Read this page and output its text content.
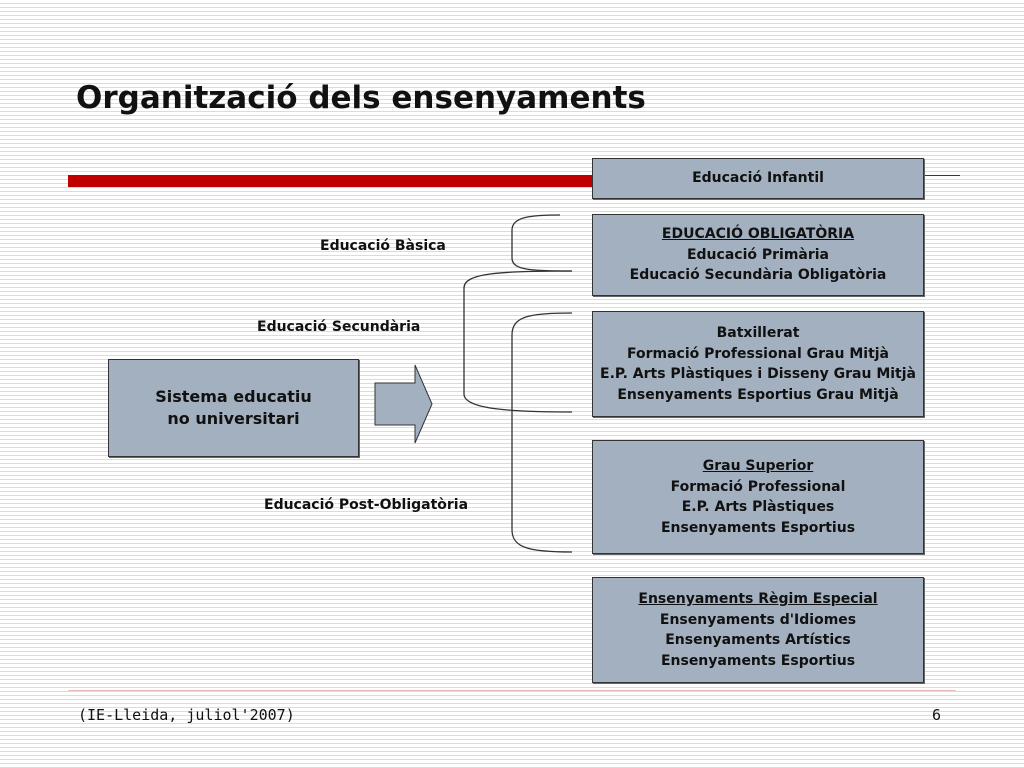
Organització dels ensenyaments
Sistema educatiu
no universitari
Educació Bàsica
Educació Secundària
Educació Post-Obligatòria
Educació Infantil
EDUCACIÓ OBLIGATÒRIA
Educació Primària
Educació Secundària Obligatòria
Batxillerat
Formació Professional Grau Mitjà
E.P. Arts Plàstiques i Disseny Grau Mitjà
Ensenyaments Esportius Grau Mitjà
Grau Superior
Formació Professional
E.P. Arts Plàstiques
Ensenyaments Esportius
Ensenyaments Règim Especial
Ensenyaments d'Idiomes
Ensenyaments Artístics
Ensenyaments Esportius
(IE-Lleida, juliol'2007)	6
